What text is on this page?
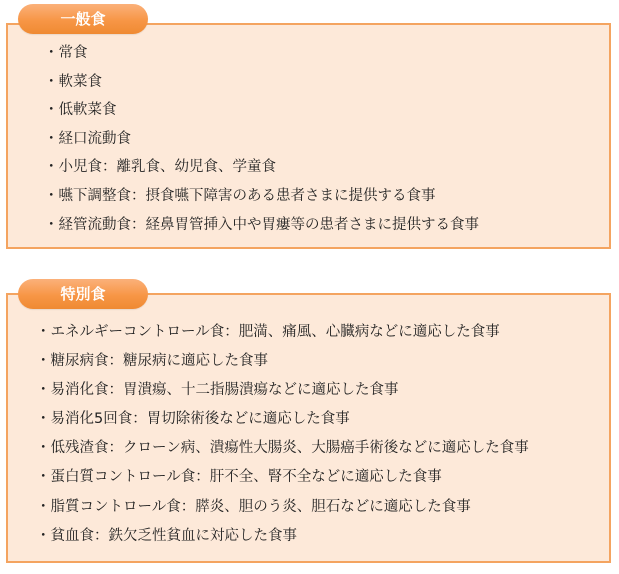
一般食
・常食
・軟菜食
・低軟菜食
・経口流動食
・小児食：離乳食、幼児食、学童食
・嚥下調整食：摂食嚥下障害のある患者さまに提供する食事
・経管流動食：経鼻胃管挿入中や胃瘻等の患者さまに提供する食事
特別食
・エネルギーコントロール食：肥満、痛風、心臓病などに適応した食事
・糖尿病食：糖尿病に適応した食事
・易消化食：胃潰瘍、十二指腸潰瘍などに適応した食事
・易消化5回食：胃切除術後などに適応した食事
・低残渣食：クローン病、潰瘍性大腸炎、大腸癌手術後などに適応した食事
・蛋白質コントロール食：肝不全、腎不全などに適応した食事
・脂質コントロール食：膵炎、胆のう炎、胆石などに適応した食事
・貧血食：鉄欠乏性貧血に対応した食事
